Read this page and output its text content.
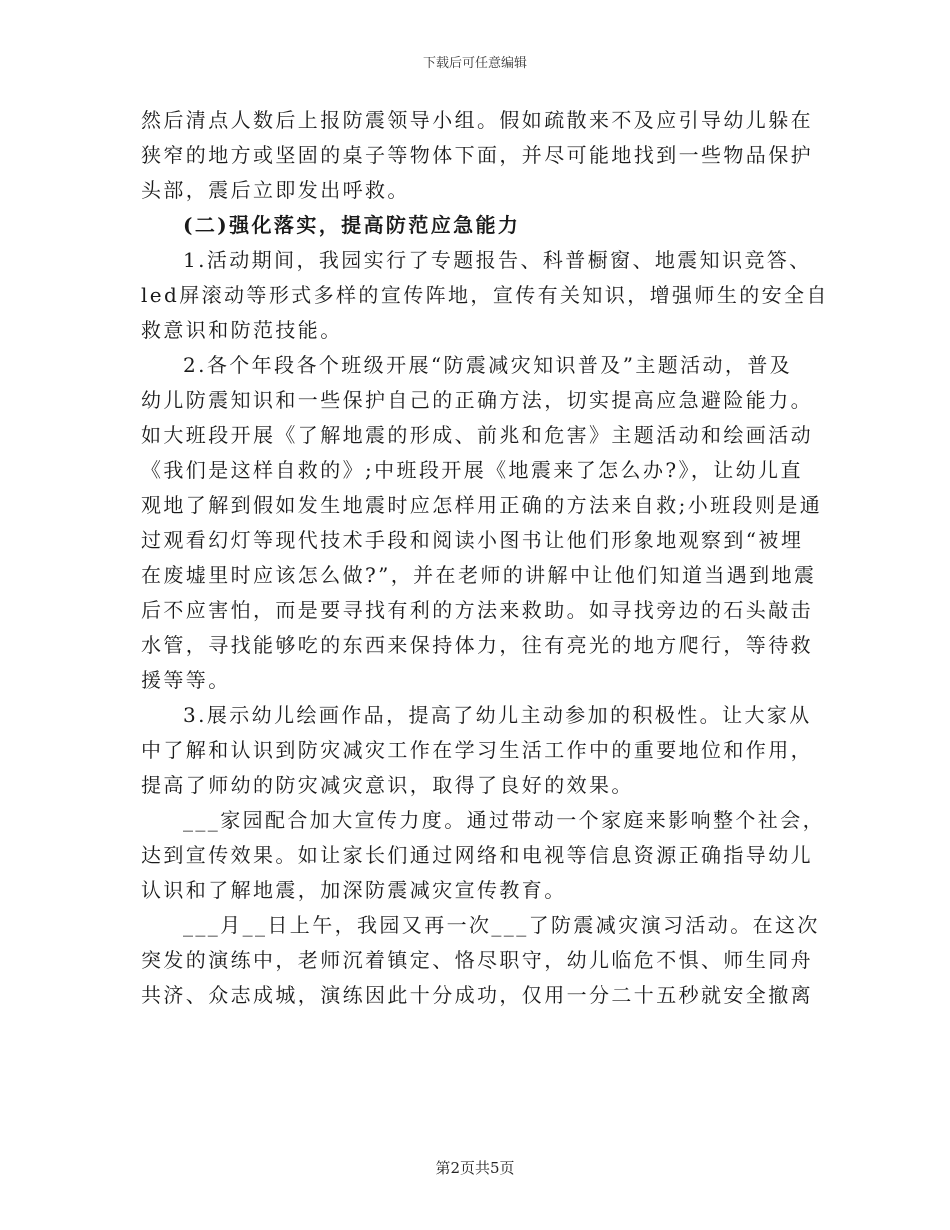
下载后可任意编辑
然后清点人数后上报防震领导小组。假如疏散来不及应引导幼儿躲在
狭窄的地方或坚固的桌子等物体下面，并尽可能地找到一些物品保护
头部，震后立即发出呼救。
(二)强化落实，提高防范应急能力
1.活动期间，我园实行了专题报告、科普橱窗、地震知识竞答、
led屏滚动等形式多样的宣传阵地，宣传有关知识，增强师生的安全自
救意识和防范技能。
2.各个年段各个班级开展“防震减灾知识普及”主题活动，普及
幼儿防震知识和一些保护自己的正确方法，切实提高应急避险能力。
如大班段开展《了解地震的形成、前兆和危害》主题活动和绘画活动
《我们是这样自救的》;中班段开展《地震来了怎么办?》，让幼儿直
观地了解到假如发生地震时应怎样用正确的方法来自救;小班段则是通
过观看幻灯等现代技术手段和阅读小图书让他们形象地观察到“被埋
在废墟里时应该怎么做?”，并在老师的讲解中让他们知道当遇到地震
后不应害怕，而是要寻找有利的方法来救助。如寻找旁边的石头敲击
水管，寻找能够吃的东西来保持体力，往有亮光的地方爬行，等待救
援等等。
3.展示幼儿绘画作品，提高了幼儿主动参加的积极性。让大家从
中了解和认识到防灾减灾工作在学习生活工作中的重要地位和作用，
提高了师幼的防灾减灾意识，取得了良好的效果。
___家园配合加大宣传力度。通过带动一个家庭来影响整个社会，
达到宣传效果。如让家长们通过网络和电视等信息资源正确指导幼儿
认识和了解地震，加深防震减灾宣传教育。
___月__日上午，我园又再一次___了防震减灾演习活动。在这次
突发的演练中，老师沉着镇定、恪尽职守，幼儿临危不惧、师生同舟
共济、众志成城，演练因此十分成功，仅用一分二十五秒就安全撤离
第2页共5页
